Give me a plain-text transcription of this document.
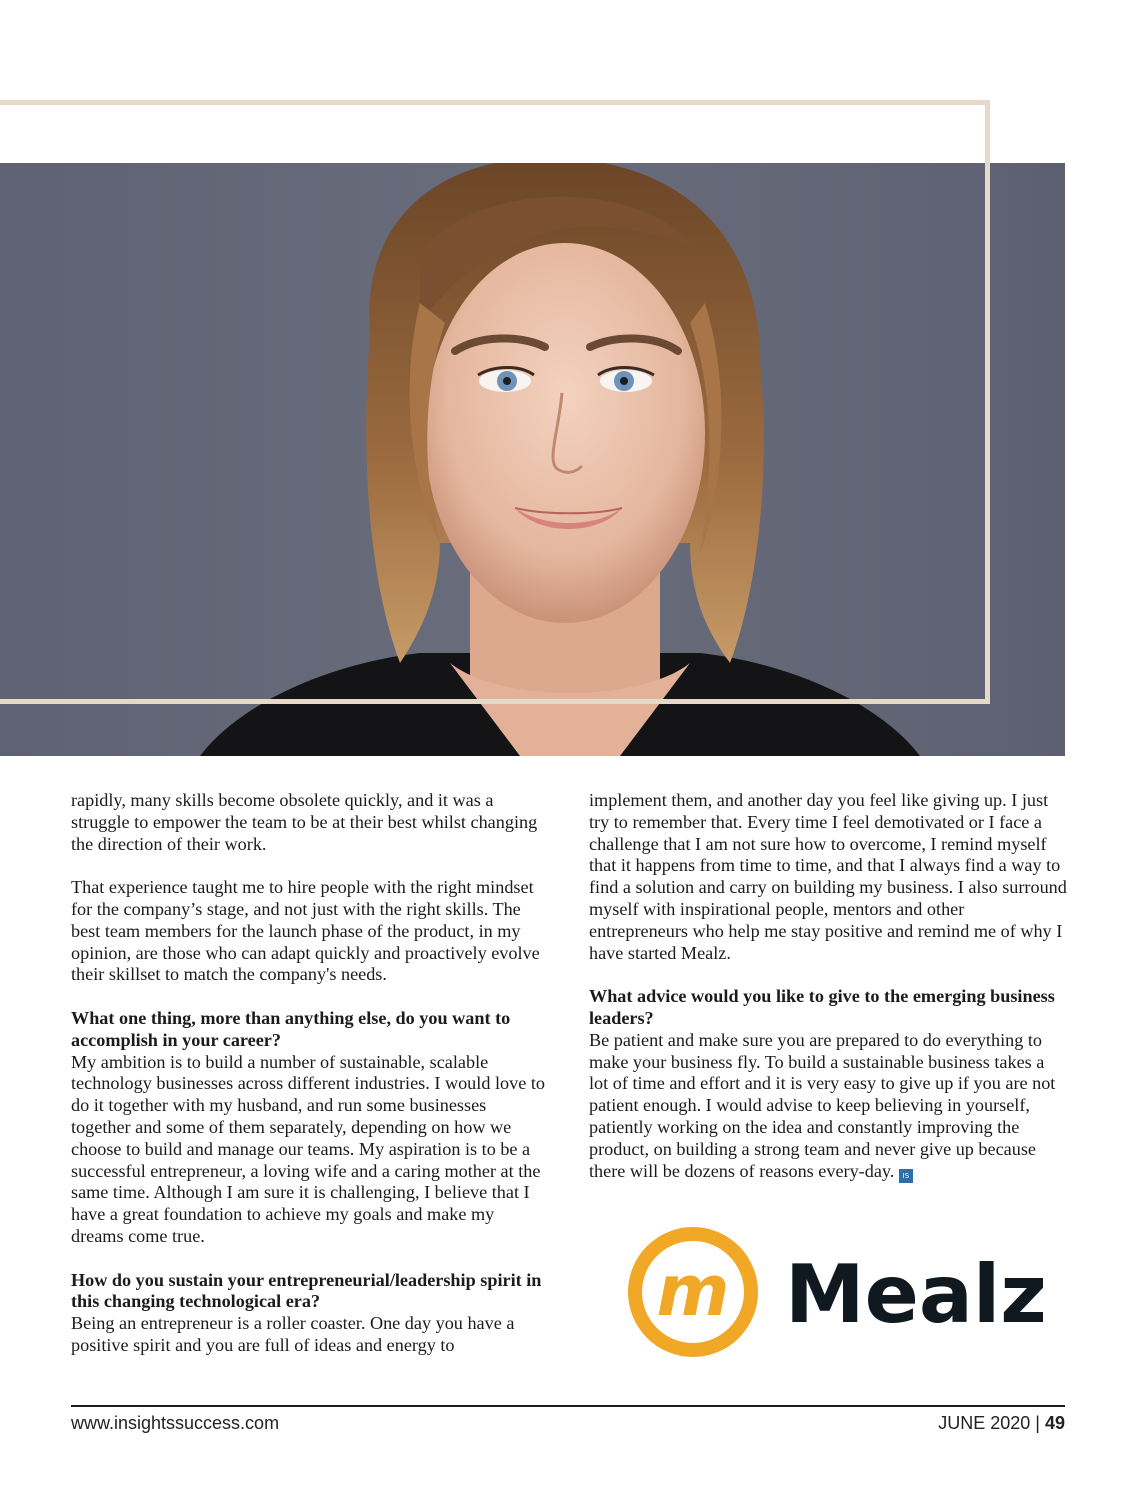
rapidly, many skills become obsolete quickly, and it was a struggle to empower the team to be at their best whilst changing the direction of their work.

That experience taught me to hire people with the right mindset for the company’s stage, and not just with the right skills. The best team members for the launch phase of the product, in my opinion, are those who can adapt quickly and proactively evolve their skillset to match the company's needs.

What one thing, more than anything else, do you want to accomplish in your career?

My ambition is to build a number of sustainable, scalable technology businesses across different industries. I would love to do it together with my husband, and run some businesses together and some of them separately, depending on how we choose to build and manage our teams. My aspiration is to be a successful entrepreneur, a loving wife and a caring mother at the same time. Although I am sure it is challenging, I believe that I have a great foundation to achieve my goals and make my dreams come true.

How do you sustain your entrepreneurial/leadership spirit in this changing technological era?

Being an entrepreneur is a roller coaster. One day you have a positive spirit and you are full of ideas and energy to

implement them, and another day you feel like giving up. I just try to remember that. Every time I feel demotivated or I face a challenge that I am not sure how to overcome, I remind myself that it happens from time to time, and that I always find a way to find a solution and carry on building my business. I also surround myself with inspirational people, mentors and other entrepreneurs who help me stay positive and remind me of why I have started Mealz.

What advice would you like to give to the emerging business leaders?

Be patient and make sure you are prepared to do everything to make your business fly. To build a sustainable business takes a lot of time and effort and it is very easy to give up if you are not patient enough. I would advise to keep believing in yourself, patiently working on the idea and constantly improving the product, on building a strong team and never give up because there will be dozens of reasons every-day. IS

m Mealz
www.insightssuccess.com	JUNE 2020 | 49
